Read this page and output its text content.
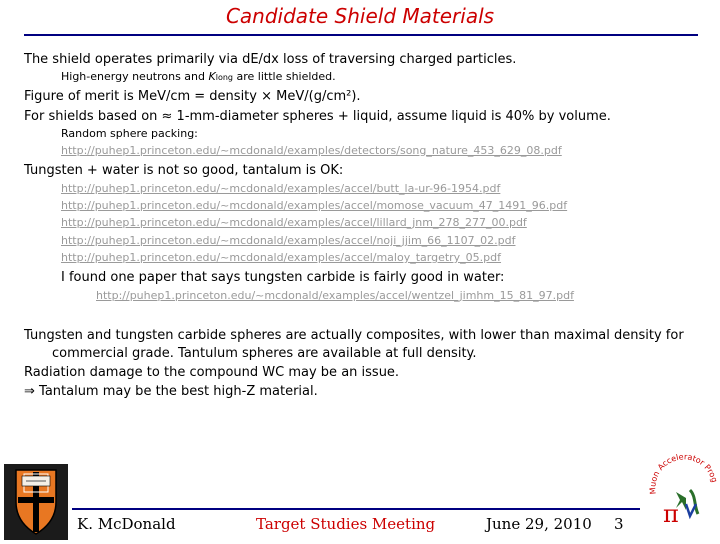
Candidate Shield Materials
The shield operates primarily via dE/dx loss of traversing charged particles.
High-energy neutrons and Klong are little shielded.
Figure of merit is MeV/cm = density × MeV/(g/cm²).
For shields based on ≈ 1-mm-diameter spheres + liquid, assume liquid is 40% by volume.
Random sphere packing:
http://puhep1.princeton.edu/~mcdonald/examples/detectors/song_nature_453_629_08.pdf
Tungsten + water is not so good, tantalum is OK:
http://puhep1.princeton.edu/~mcdonald/examples/accel/butt_la-ur-96-1954.pdf
http://puhep1.princeton.edu/~mcdonald/examples/accel/momose_vacuum_47_1491_96.pdf
http://puhep1.princeton.edu/~mcdonald/examples/accel/lillard_jnm_278_277_00.pdf
http://puhep1.princeton.edu/~mcdonald/examples/accel/noji_jjim_66_1107_02.pdf
http://puhep1.princeton.edu/~mcdonald/examples/accel/maloy_targetry_05.pdf
I found one paper that says tungsten carbide is fairly good in water:
http://puhep1.princeton.edu/~mcdonald/examples/accel/wentzel_jimhm_15_81_97.pdf
Tungsten and tungsten carbide spheres are actually composites, with lower than maximal density for
commercial grade. Tantulum spheres are available at full density.
Radiation damage to the compound WC may be an issue.
⇒ Tantalum may be the best high-Z material.
K. McDonald	Target Studies Meeting	June 29, 2010 3
Muon Accelerator Prog
π
